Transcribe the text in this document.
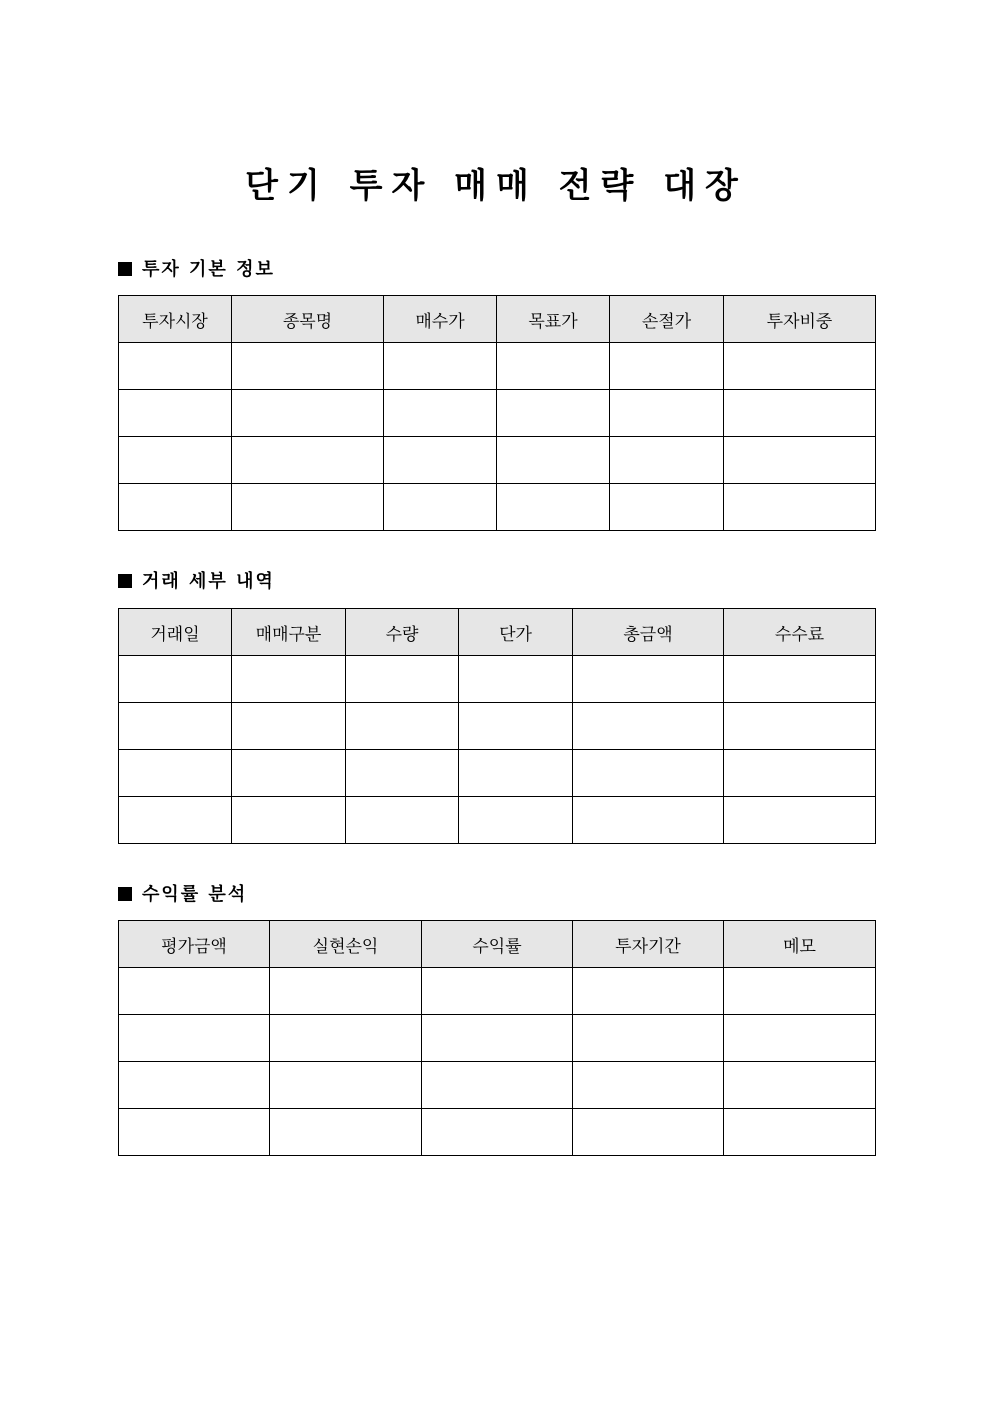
단기 투자 매매 전략 대장
투자 기본 정보
투자시장	종목명	매수가	목표가	손절가	투자비중

거래 세부 내역
거래일	매매구분	수량	단가	총금액	수수료

수익률 분석
평가금액	실현손익	수익률	투자기간	메모
